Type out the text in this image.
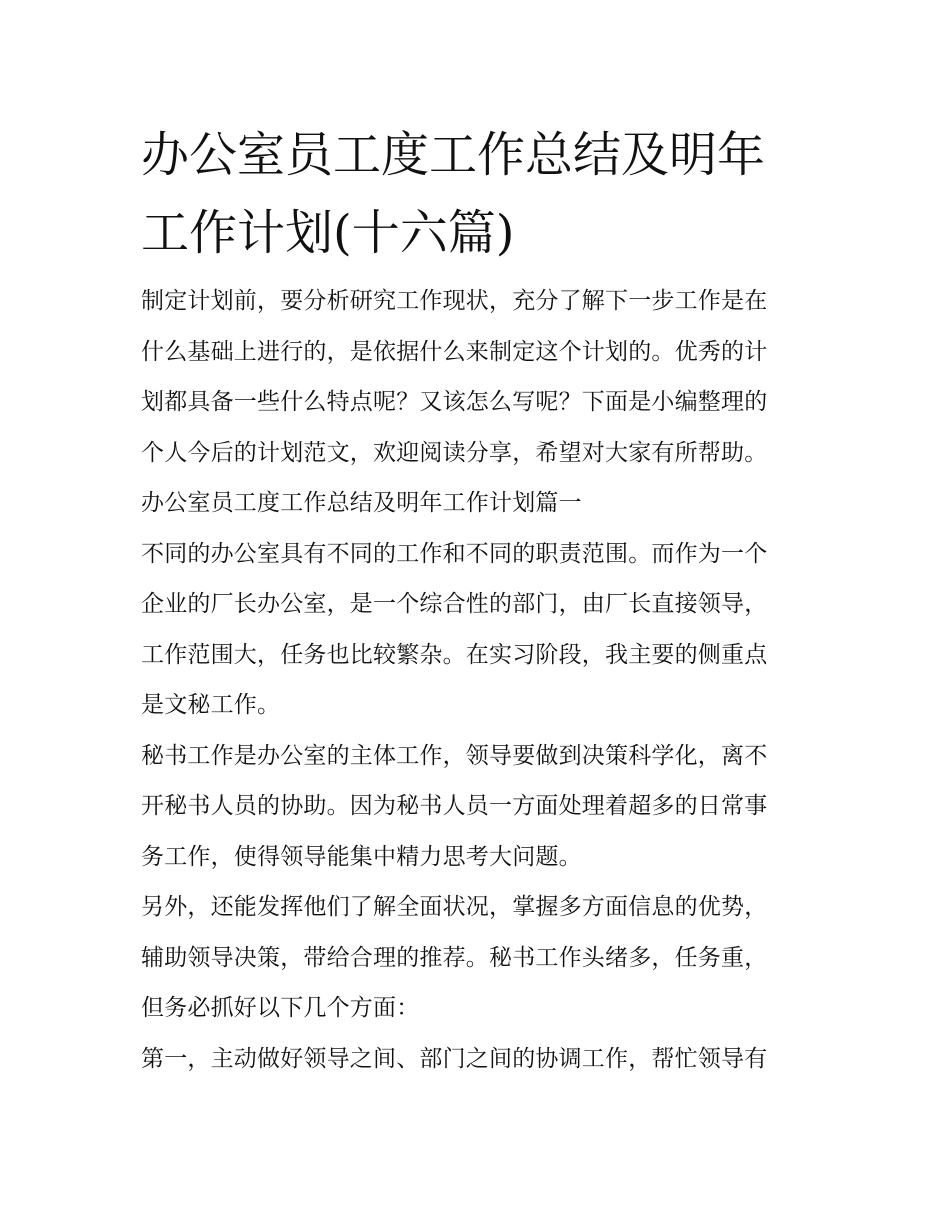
办公室员工度工作总结及明年
工作计划(十六篇)
制定计划前，要分析研究工作现状，充分了解下一步工作是在
什么基础上进行的，是依据什么来制定这个计划的。优秀的计
划都具备一些什么特点呢？又该怎么写呢？下面是小编整理的
个人今后的计划范文，欢迎阅读分享，希望对大家有所帮助。
办公室员工度工作总结及明年工作计划篇一
不同的办公室具有不同的工作和不同的职责范围。而作为一个
企业的厂长办公室，是一个综合性的部门，由厂长直接领导，
工作范围大，任务也比较繁杂。在实习阶段，我主要的侧重点
是文秘工作。
秘书工作是办公室的主体工作，领导要做到决策科学化，离不
开秘书人员的协助。因为秘书人员一方面处理着超多的日常事
务工作，使得领导能集中精力思考大问题。
另外，还能发挥他们了解全面状况，掌握多方面信息的优势，
辅助领导决策，带给合理的推荐。秘书工作头绪多，任务重，
但务必抓好以下几个方面：
第一，主动做好领导之间、部门之间的协调工作，帮忙领导有
